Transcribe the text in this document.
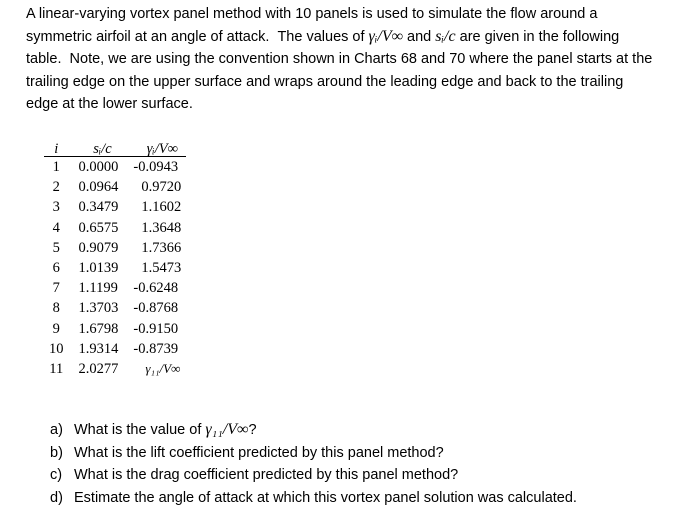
A linear-varying vortex panel method with 10 panels is used to simulate the flow around a symmetric airfoil at an angle of attack. The values of γᵢ/V∞ and sᵢ/c are given in the following table. Note, we are using the convention shown in Charts 68 and 70 where the panel starts at the trailing edge on the upper surface and wraps around the leading edge and back to the trailing edge at the lower surface.

i	sᵢ/c	γᵢ/V∞
1	0.0000	-0.0943
2	0.0964	0.9720
3	0.3479	1.1602
4	0.6575	1.3648
5	0.9079	1.7366
6	1.0139	1.5473
7	1.1199	-0.6248
8	1.3703	-0.8768
9	1.6798	-0.9150
10	1.9314	-0.8739
11	2.0277	γ₁₁/V∞
a) What is the value of γ₁₁/V∞?
b) What is the lift coefficient predicted by this panel method?
c) What is the drag coefficient predicted by this panel method?
d) Estimate the angle of attack at which this vortex panel solution was calculated.
